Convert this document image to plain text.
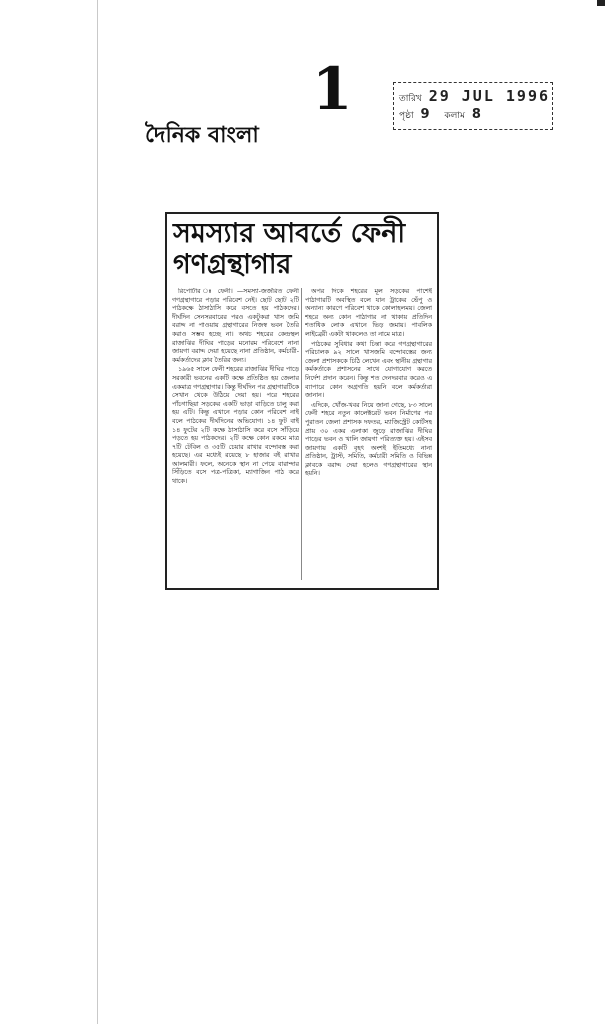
1	তারিখ 29 JUL 1996
পৃষ্ঠা 9 কলাম 8
দৈনিক বাংলা
সমস্যার আবর্তে ফেনী গণগ্রন্থাগার

রিপোর্টার ঃ ফেনী। —সমস্যা-জর্জরিত ফেনী গণগ্রন্থাগারে পড়ার পরিবেশ নেই। ছোট ছোট ২টি পাঠকক্ষে ঠাসাঠাসি করে বসতে হয় পাঠকদের। দীর্ঘদিন সেনসরবারের পরও একটুকরা খাস জমি বরাদ্দ না পাওয়ায় গ্রন্থাগারের নিজস্ব ভবন তৈরি করাও সম্ভব হচ্ছে না। অথচ শহরের কেন্দ্রস্থল রাজাঝির দীঘির পাড়ের মনোরম পরিবেশে নানা জায়গা বরাদ্দ দেয়া হয়েছে নানা প্রতিষ্ঠান, কর্মচারী-কর্মকর্তাদের ক্লাব তৈরির জন্য।

১৯৬৫ সালে ফেনী শহরের রাজাঝির দীঘির পাড়ে সরকারী ভবনের একটি কক্ষে প্রতিষ্ঠিত হয় জেলার একমাত্র গণগ্রন্থাগার। কিন্তু দীর্ঘদিন পর গ্রন্থাগারটিকে সেখান থেকে উঠিয়ে দেয়া হয়। পরে শহরের পাঁচগাছিয়া সড়কের একটি ভাড়া বাড়িতে চালু করা হয় এটি। কিন্তু এখানে পড়ার কোন পরিবেশ নাই বলে পাঠকের দীর্ঘদিনের অভিযোগ। ১৪ ফুট বাই ১৪ ফুটের ২টি কক্ষে ঠাসাঠাসি করে বসে সাঁড়িয়ে পড়তে হয় পাঠকদের। ২টি কক্ষে কোন রকমে মাত্র ৭টি টেবিল ও ৩৫টি চেয়ার রাখার বন্দোবস্ত করা হয়েছে। এর মধ্যেই রয়েছে ৮ হাজার বই রাখার আলমারী। ফলে, অনেকে স্থান না পেয়ে বারান্দার সিঁড়িতে বসে পত্র-পত্রিকা, ম্যাগাজিন পাঠ করে থাকে।

অপর দিকে শহরের মূল সড়কের পাশেই পাঠাগারটি অবস্থিত বলে যান ট্রাকের ভেঁপু ও অন্যান্য কারণে পরিবেশ থাকে কোলাহলময়। জেলা শহরে অন্য কোন পাঠাগার না থাকায় প্রতিদিন শতাধিক লোক এখানে ভিড় জমায়। পাবলিক লাইব্রেরী একটা থাকলেও তা নামে মাত্র।

পাঠকের সুবিধার কথা চিন্তা করে গণগ্রন্থাগারের পরিচালক ৯২ সালে খাসজমি বন্দোবস্তের জন্য জেলা প্রশাসককে চিঠি লেখেন এবং স্থানীয় গ্রন্থাগার কর্মকর্তাকে প্রশাসনের সাথে যোগাযোগ করতে নির্দেশ প্রদান করেন। কিন্তু শত দেনদরবার করেও এ ব্যাপারে কোন অগ্রগতি হয়নি বলে কর্মকর্তারা জানান।

এদিকে, খোঁজ-খবর নিয়ে জানা গেছে, ৮৩ সালে ফেনী শহরে নতুন কালেক্টরেট ভবন নির্মাণের পর পুরাতন জেলা প্রশাসক দফতর, ম্যাজিস্ট্রেট কোর্টসহ প্রায় ৩০ একর এলাকা জুড়ে রাজাঝির দীঘির পাড়ের ভবন ও খালি জায়গা পরিত্যক্ত হয়। এইসব জায়গায় একটি বৃহৎ অংশই ইতিমধ্যে নানা প্রতিষ্ঠান, ট্রাস্ট, সমিতি, কর্মচারী সমিতি ও বিভিন্ন ক্লাবকে বরাদ্দ দেয়া হলেও গণগ্রন্থাগারের স্থান হয়নি।
